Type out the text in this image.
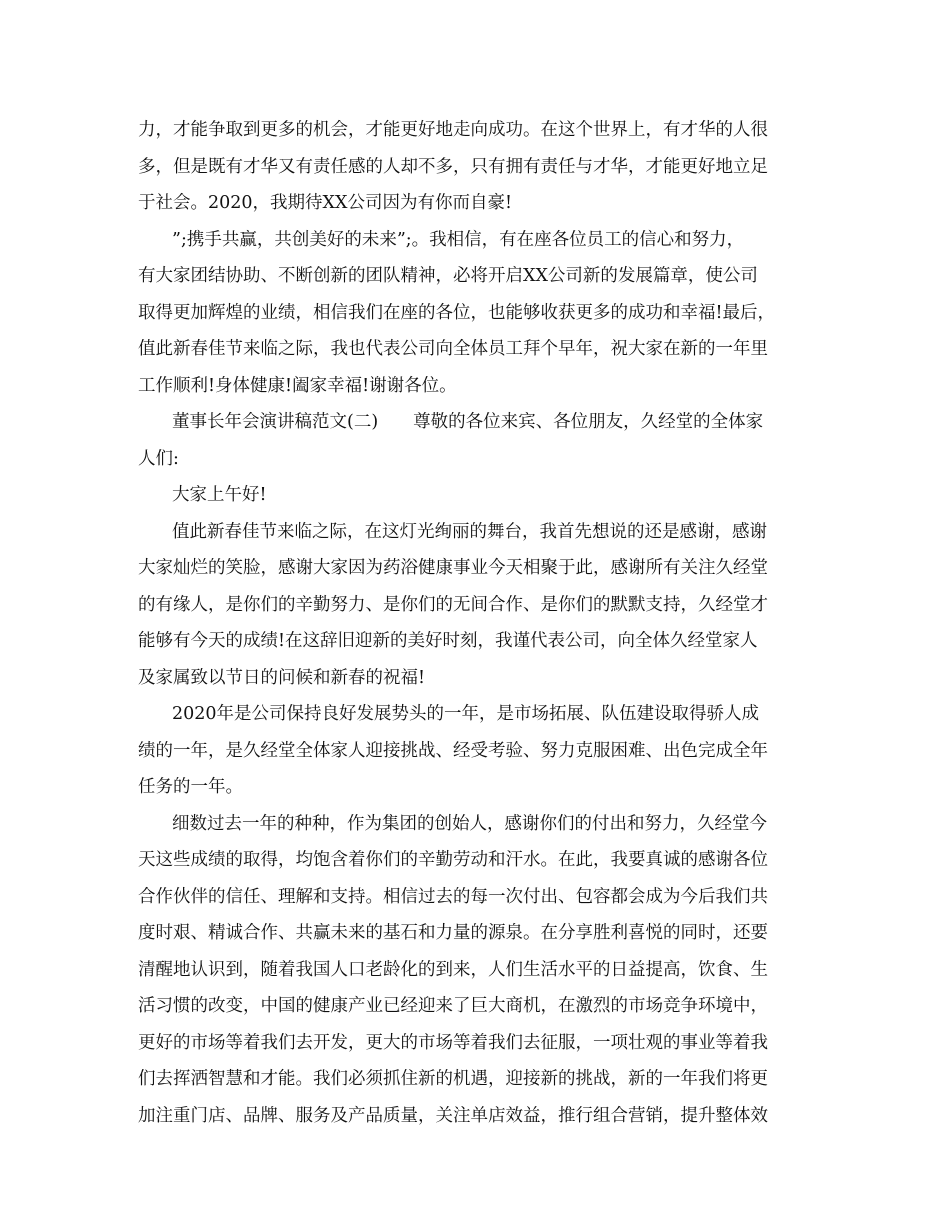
力，才能争取到更多的机会，才能更好地走向成功。在这个世界上，有才华的人很
多，但是既有才华又有责任感的人却不多，只有拥有责任与才华，才能更好地立足
于社会。2020，我期待XX公司因为有你而自豪!
”;携手共赢，共创美好的未来”;。我相信，有在座各位员工的信心和努力，
有大家团结协助、不断创新的团队精神，必将开启XX公司新的发展篇章，使公司
取得更加辉煌的业绩，相信我们在座的各位，也能够收获更多的成功和幸福!最后，
值此新春佳节来临之际，我也代表公司向全体员工拜个早年，祝大家在新的一年里
工作顺利!身体健康!阖家幸福!谢谢各位。
董事长年会演讲稿范文(二)　　尊敬的各位来宾、各位朋友，久经堂的全体家
人们:
大家上午好!
值此新春佳节来临之际，在这灯光绚丽的舞台，我首先想说的还是感谢，感谢
大家灿烂的笑脸，感谢大家因为药浴健康事业今天相聚于此，感谢所有关注久经堂
的有缘人，是你们的辛勤努力、是你们的无间合作、是你们的默默支持，久经堂才
能够有今天的成绩!在这辞旧迎新的美好时刻，我谨代表公司，向全体久经堂家人
及家属致以节日的问候和新春的祝福!
2020年是公司保持良好发展势头的一年，是市场拓展、队伍建设取得骄人成
绩的一年，是久经堂全体家人迎接挑战、经受考验、努力克服困难、出色完成全年
任务的一年。
细数过去一年的种种，作为集团的创始人，感谢你们的付出和努力，久经堂今
天这些成绩的取得，均饱含着你们的辛勤劳动和汗水。在此，我要真诚的感谢各位
合作伙伴的信任、理解和支持。相信过去的每一次付出、包容都会成为今后我们共
度时艰、精诚合作、共赢未来的基石和力量的源泉。在分享胜利喜悦的同时，还要
清醒地认识到，随着我国人口老龄化的到来，人们生活水平的日益提高，饮食、生
活习惯的改变，中国的健康产业已经迎来了巨大商机，在激烈的市场竞争环境中，
更好的市场等着我们去开发，更大的市场等着我们去征服，一项壮观的事业等着我
们去挥洒智慧和才能。我们必须抓住新的机遇，迎接新的挑战，新的一年我们将更
加注重门店、品牌、服务及产品质量，关注单店效益，推行组合营销，提升整体效
